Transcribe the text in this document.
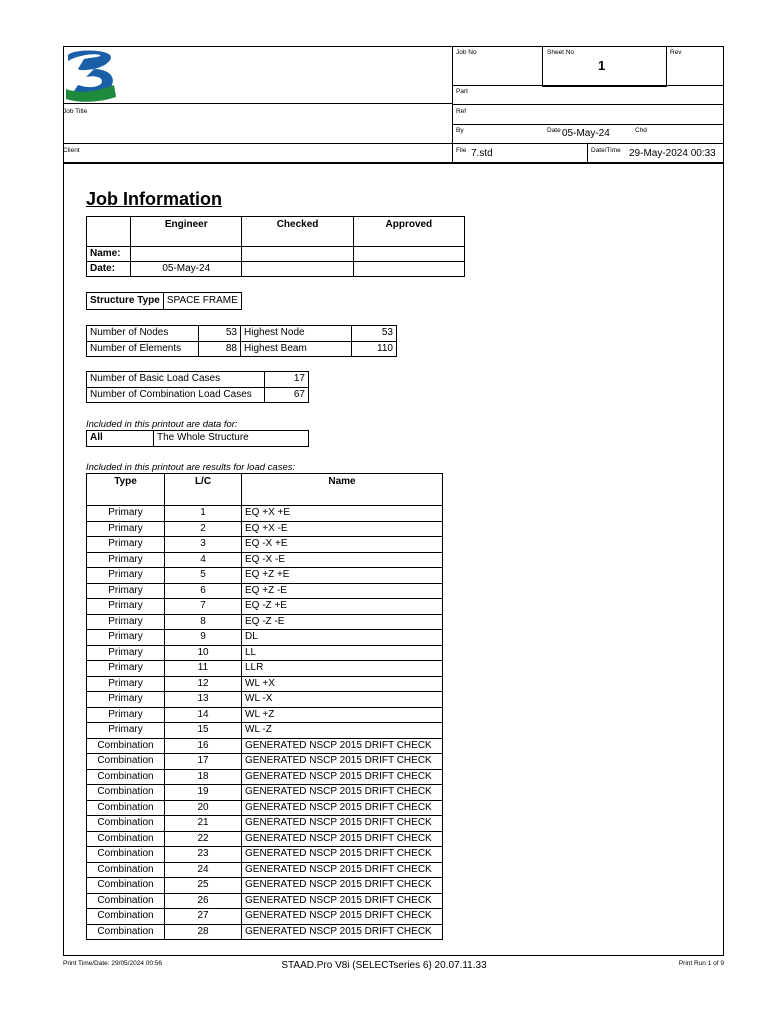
Job No	Sheet No
1
Rev
Part
Job Title	Ref
By	Date 05-May-24	Chd
Client	File 7.std	Date/Time 29-May-2024 00:33
Job Information
	Engineer	Checked	Approved
Name:			
Date:	05-May-24		
Structure Type	SPACE FRAME
Number of Nodes	53	Highest Node	53
Number of Elements	88	Highest Beam	110
Number of Basic Load Cases	17
Number of Combination Load Cases	67
Included in this printout are data for:
All	The Whole Structure
Included in this printout are results for load cases:
Type	L/C	Name
Primary	1	EQ +X +E
Primary	2	EQ +X -E
Primary	3	EQ -X +E
Primary	4	EQ -X -E
Primary	5	EQ +Z +E
Primary	6	EQ +Z -E
Primary	7	EQ -Z +E
Primary	8	EQ -Z -E
Primary	9	DL
Primary	10	LL
Primary	11	LLR
Primary	12	WL +X
Primary	13	WL -X
Primary	14	WL +Z
Primary	15	WL -Z
Combination	16	GENERATED NSCP 2015 DRIFT CHECK
Combination	17	GENERATED NSCP 2015 DRIFT CHECK
Combination	18	GENERATED NSCP 2015 DRIFT CHECK
Combination	19	GENERATED NSCP 2015 DRIFT CHECK
Combination	20	GENERATED NSCP 2015 DRIFT CHECK
Combination	21	GENERATED NSCP 2015 DRIFT CHECK
Combination	22	GENERATED NSCP 2015 DRIFT CHECK
Combination	23	GENERATED NSCP 2015 DRIFT CHECK
Combination	24	GENERATED NSCP 2015 DRIFT CHECK
Combination	25	GENERATED NSCP 2015 DRIFT CHECK
Combination	26	GENERATED NSCP 2015 DRIFT CHECK
Combination	27	GENERATED NSCP 2015 DRIFT CHECK
Combination	28	GENERATED NSCP 2015 DRIFT CHECK
Print Time/Date: 29/05/2024 00:56	STAAD.Pro V8i (SELECTseries 6) 20.07.11.33	Print Run 1 of 9
